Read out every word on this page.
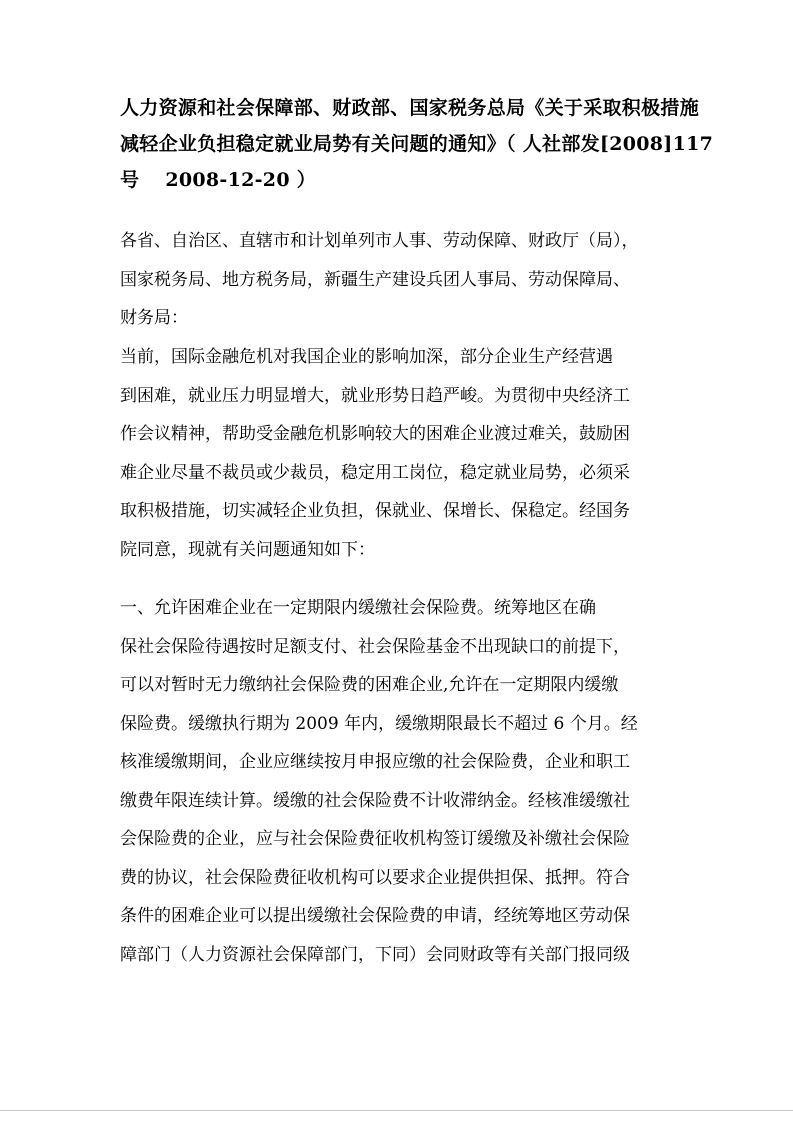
人力资源和社会保障部、财政部、国家税务总局《关于采取积极措施
减轻企业负担稳定就业局势有关问题的通知》（ 人社部发[2008]117
号 2008-12-20 ）

各省、自治区、直辖市和计划单列市人事、劳动保障、财政厅（局），
国家税务局、地方税务局，新疆生产建设兵团人事局、劳动保障局、
财务局：

当前，国际金融危机对我国企业的影响加深，部分企业生产经营遇
到困难，就业压力明显增大，就业形势日趋严峻。为贯彻中央经济工
作会议精神，帮助受金融危机影响较大的困难企业渡过难关，鼓励困
难企业尽量不裁员或少裁员，稳定用工岗位，稳定就业局势，必须采
取积极措施，切实减轻企业负担，保就业、保增长、保稳定。经国务
院同意，现就有关问题通知如下：

一、允许困难企业在一定期限内缓缴社会保险费。统筹地区在确
保社会保险待遇按时足额支付、社会保险基金不出现缺口的前提下，
可以对暂时无力缴纳社会保险费的困难企业,允许在一定期限内缓缴
保险费。缓缴执行期为 2009 年内，缓缴期限最长不超过 6 个月。经
核准缓缴期间，企业应继续按月申报应缴的社会保险费，企业和职工
缴费年限连续计算。缓缴的社会保险费不计收滞纳金。经核准缓缴社
会保险费的企业，应与社会保险费征收机构签订缓缴及补缴社会保险
费的协议，社会保险费征收机构可以要求企业提供担保、抵押。符合
条件的困难企业可以提出缓缴社会保险费的申请，经统筹地区劳动保
障部门（人力资源社会保障部门，下同）会同财政等有关部门报同级
